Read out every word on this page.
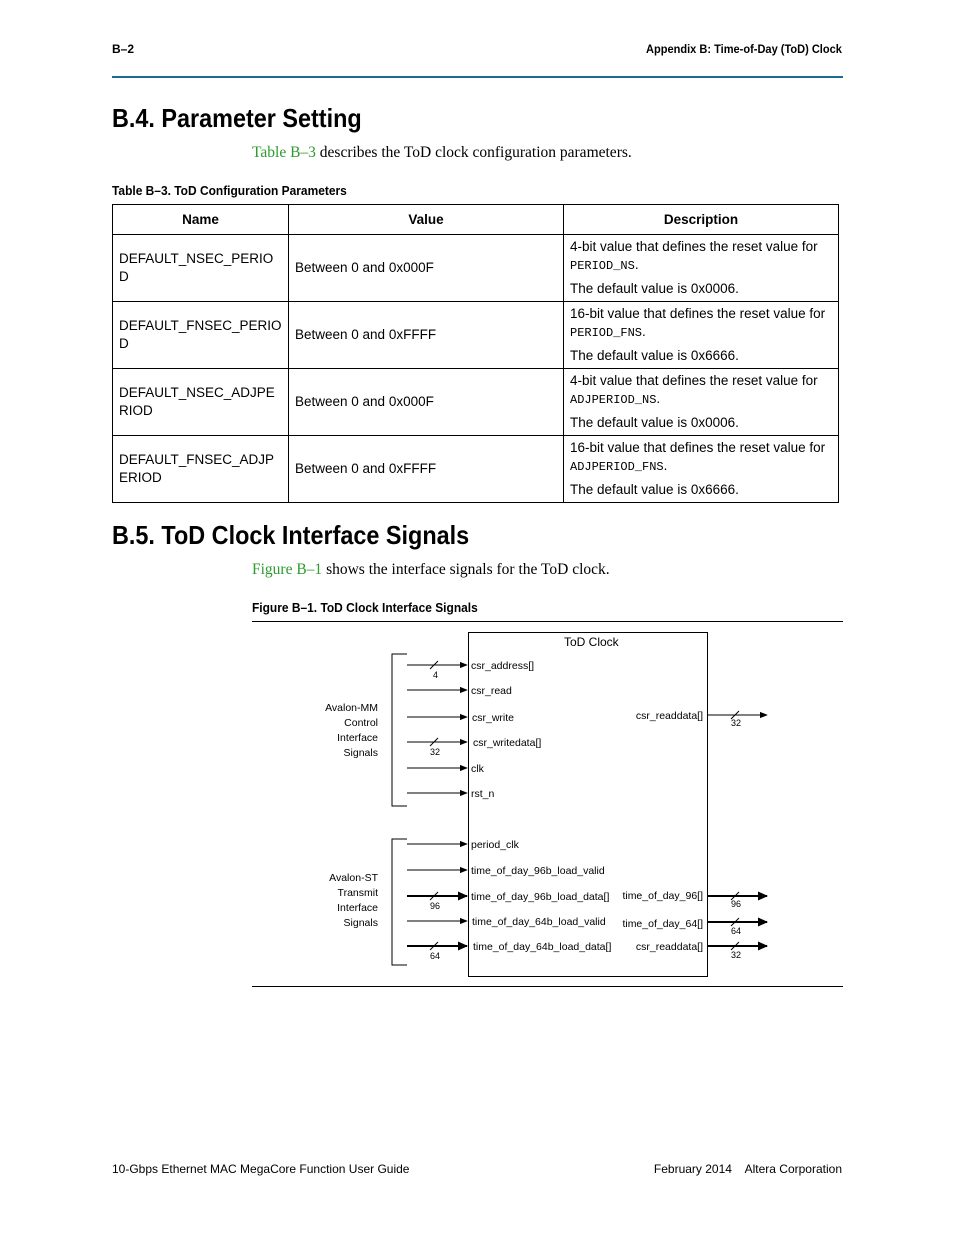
B–2	Appendix B: Time-of-Day (ToD) Clock
B.4. Parameter Setting
Table B–3 describes the ToD clock configuration parameters.
Table B–3. ToD Configuration Parameters
Name	Value	Description
DEFAULT_NSEC_PERIOD	Between 0 and 0x000F	4-bit value that defines the reset value for
PERIOD_NS.

The default value is 0x0006.

DEFAULT_FNSEC_PERIOD	Between 0 and 0xFFFF	16-bit value that defines the reset value for
PERIOD_FNS.

The default value is 0x6666.

DEFAULT_NSEC_ADJPERIOD	Between 0 and 0x000F	4-bit value that defines the reset value for
ADJPERIOD_NS.

The default value is 0x0006.

DEFAULT_FNSEC_ADJPERIOD	Between 0 and 0xFFFF	16-bit value that defines the reset value for
ADJPERIOD_FNS.

The default value is 0x6666.

B.5. ToD Clock Interface Signals
Figure B–1 shows the interface signals for the ToD clock.
Figure B–1. ToD Clock Interface Signals
ToD Clock
Avalon-MM
Control
Interface
Signals
Avalon-ST
Transmit
Interface
Signals
4
csr_address[]
csr_read
csr_write
32
csr_writedata[]
clk
rst_n
period_clk
time_of_day_96b_load_valid
96
time_of_day_96b_load_data[]
time_of_day_64b_load_valid
64
time_of_day_64b_load_data[]
csr_readdata[]
32
time_of_day_96[]
96
time_of_day_64[]
64
csr_readdata[]
32
10-Gbps Ethernet MAC MegaCore Function User Guide	February 2014    Altera Corporation
